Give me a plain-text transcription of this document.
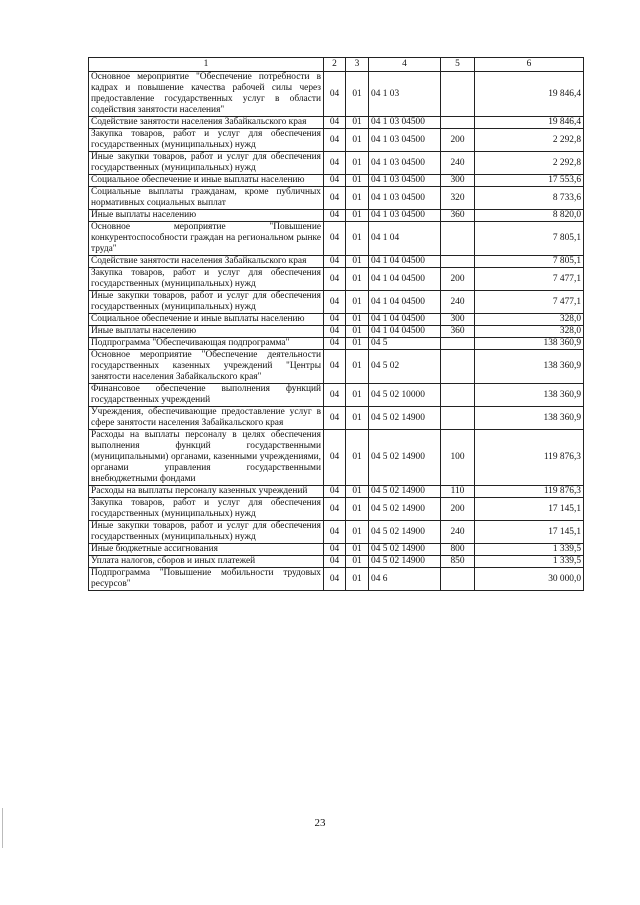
1	2	3	4	5	6
Основное мероприятие "Обеспечение потребности в кадрах и повышение качества рабочей силы через предоставление государственных услуг в области содействия занятости населения"	04	01	04 1 03		19 846,4
Содействие занятости населения Забайкальского края	04	01	04 1 03 04500		19 846,4
Закупка товаров, работ и услуг для обеспечения государственных (муниципальных) нужд	04	01	04 1 03 04500	200	2 292,8
Иные закупки товаров, работ и услуг для обеспечения государственных (муниципальных) нужд	04	01	04 1 03 04500	240	2 292,8
Социальное обеспечение и иные выплаты населению	04	01	04 1 03 04500	300	17 553,6
Социальные выплаты гражданам, кроме публичных нормативных социальных выплат	04	01	04 1 03 04500	320	8 733,6
Иные выплаты населению	04	01	04 1 03 04500	360	8 820,0
Основное мероприятие "Повышение конкурентоспособности граждан на региональном рынке труда"	04	01	04 1 04		7 805,1
Содействие занятости населения Забайкальского края	04	01	04 1 04 04500		7 805,1
Закупка товаров, работ и услуг для обеспечения государственных (муниципальных) нужд	04	01	04 1 04 04500	200	7 477,1
Иные закупки товаров, работ и услуг для обеспечения государственных (муниципальных) нужд	04	01	04 1 04 04500	240	7 477,1
Социальное обеспечение и иные выплаты населению	04	01	04 1 04 04500	300	328,0
Иные выплаты населению	04	01	04 1 04 04500	360	328,0
Подпрограмма "Обеспечивающая подпрограмма"	04	01	04 5		138 360,9
Основное мероприятие "Обеспечение деятельности государственных казенных учреждений "Центры занятости населения Забайкальского края"	04	01	04 5 02		138 360,9
Финансовое обеспечение выполнения функций государственных учреждений	04	01	04 5 02 10000		138 360,9
Учреждения, обеспечивающие предоставление услуг в сфере занятости населения Забайкальского края	04	01	04 5 02 14900		138 360,9
Расходы на выплаты персоналу в целях обеспечения выполнения функций государственными (муниципальными) органами, казенными учреждениями, органами управления государственными внебюджетными фондами	04	01	04 5 02 14900	100	119 876,3
Расходы на выплаты персоналу казенных учреждений	04	01	04 5 02 14900	110	119 876,3
Закупка товаров, работ и услуг для обеспечения государственных (муниципальных) нужд	04	01	04 5 02 14900	200	17 145,1
Иные закупки товаров, работ и услуг для обеспечения государственных (муниципальных) нужд	04	01	04 5 02 14900	240	17 145,1
Иные бюджетные ассигнования	04	01	04 5 02 14900	800	1 339,5
Уплата налогов, сборов и иных платежей	04	01	04 5 02 14900	850	1 339,5
Подпрограмма "Повышение мобильности трудовых ресурсов"	04	01	04 6		30 000,0
23
